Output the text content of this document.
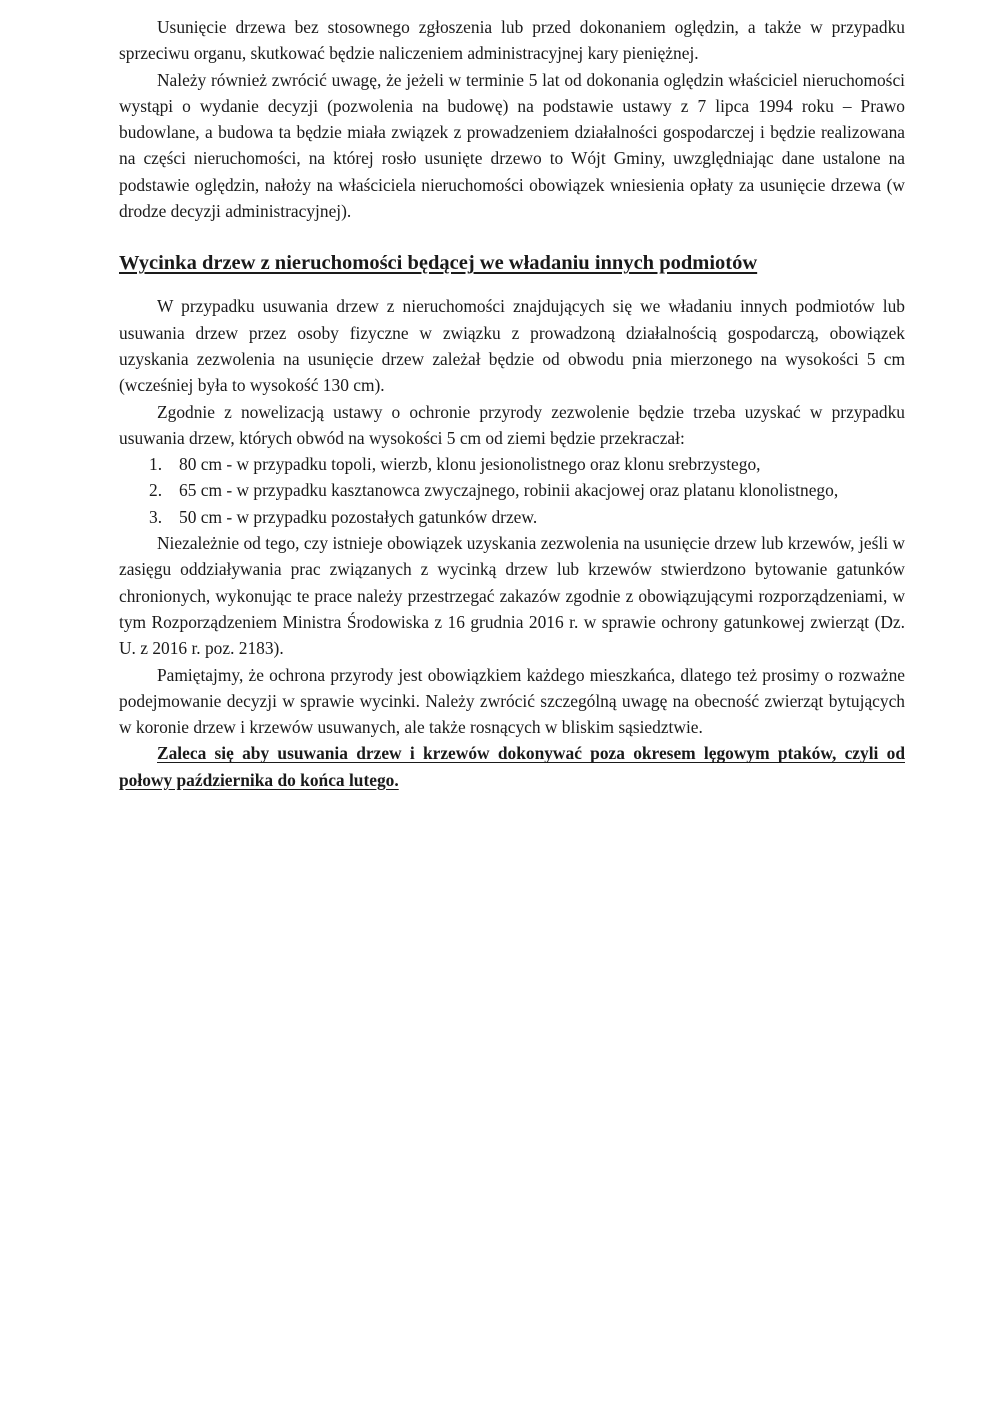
Usunięcie drzewa bez stosownego zgłoszenia lub przed dokonaniem oględzin, a także w przypadku sprzeciwu organu, skutkować będzie naliczeniem administracyjnej kary pieniężnej.

Należy również zwrócić uwagę, że jeżeli w terminie 5 lat od dokonania oględzin właściciel nieruchomości wystąpi o wydanie decyzji (pozwolenia na budowę) na podstawie ustawy z 7 lipca 1994 roku – Prawo budowlane, a budowa ta będzie miała związek z prowadzeniem działalności gospodarczej i będzie realizowana na części nieruchomości, na której rosło usunięte drzewo to Wójt Gminy, uwzględniając dane ustalone na podstawie oględzin, nałoży na właściciela nieruchomości obowiązek wniesienia opłaty za usunięcie drzewa (w drodze decyzji administracyjnej).

Wycinka drzew z nieruchomości będącej we władaniu innych podmiotów

W przypadku usuwania drzew z nieruchomości znajdujących się we władaniu innych podmiotów lub usuwania drzew przez osoby fizyczne w związku z prowadzoną działalnością gospodarczą, obowiązek uzyskania zezwolenia na usunięcie drzew zależał będzie od obwodu pnia mierzonego na wysokości 5 cm (wcześniej była to wysokość 130 cm).

Zgodnie z nowelizacją ustawy o ochronie przyrody zezwolenie będzie trzeba uzyskać w przypadku usuwania drzew, których obwód na wysokości 5 cm od ziemi będzie przekraczał:

1. 80 cm - w przypadku topoli, wierzb, klonu jesionolistnego oraz klonu srebrzystego,
2. 65 cm - w przypadku kasztanowca zwyczajnego, robinii akacjowej oraz platanu klonolistnego,
3. 50 cm - w przypadku pozostałych gatunków drzew.

Niezależnie od tego, czy istnieje obowiązek uzyskania zezwolenia na usunięcie drzew lub krzewów, jeśli w zasięgu oddziaływania prac związanych z wycinką drzew lub krzewów stwierdzono bytowanie gatunków chronionych, wykonując te prace należy przestrzegać zakazów zgodnie z obowiązującymi rozporządzeniami, w tym Rozporządzeniem Ministra Środowiska z 16 grudnia 2016 r. w sprawie ochrony gatunkowej zwierząt (Dz. U. z 2016 r. poz. 2183).

Pamiętajmy, że ochrona przyrody jest obowiązkiem każdego mieszkańca, dlatego też prosimy o rozważne podejmowanie decyzji w sprawie wycinki. Należy zwrócić szczególną uwagę na obecność zwierząt bytujących w koronie drzew i krzewów usuwanych, ale także rosnących w bliskim sąsiedztwie.

Zaleca się aby usuwania drzew i krzewów dokonywać poza okresem lęgowym ptaków, czyli od połowy października do końca lutego.
